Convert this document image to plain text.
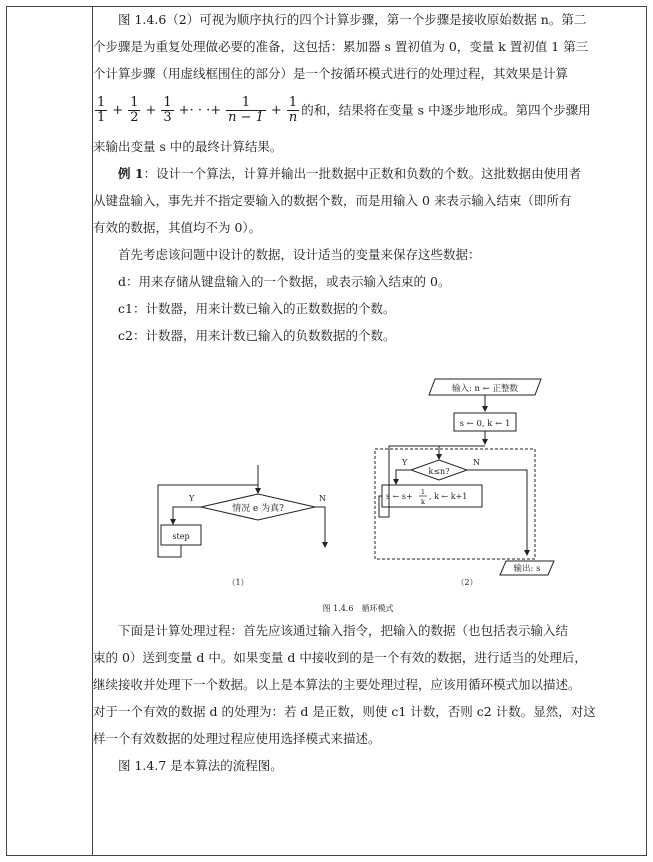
图 1.4.6（2）可视为顺序执行的四个计算步骤，第一个步骤是接收原始数据 n。第二

个步骤是为重复处理做必要的准备，这包括：累加器 s 置初值为 0，变量 k 置初值 1 第三

个计算步骤（用虚线框围住的部分）是一个按循环模式进行的处理过程，其效果是计算

$\frac{1}{1} + \frac{1}{2} + \frac{1}{3}$ +· · ·+ $\frac{1}{n - 1} + \frac{1}{n}$ 的和，结果将在变量 s 中逐步地形成。第四个步骤用

来输出变量 s 中的最终计算结果。

例 1：设计一个算法，计算并输出一批数据中正数和负数的个数。这批数据由使用者

从键盘输入，事先并不指定要输入的数据个数，而是用输入 0 来表示输入结束（即所有

有效的数据，其值均不为 0）。

首先考虑该问题中设计的数据，设计适当的变量来保存这些数据：

d：用来存储从键盘输入的一个数据，或表示输入结束的 0。

c1：计数器，用来计数已输入的正数数据的个数。

c2：计数器，用来计数已输入的负数数据的个数。

情况 e 为真?
Y	N
step
（1）
输入: n ← 正整数
s ← 0, k ← 1
k≤n?
Y	N
s ← s+ 1
k
, k ← k+1
输出: s
（2）
图 1.4.6　循环模式

下面是计算处理过程：首先应该通过输入指令，把输入的数据（也包括表示输入结

束的 0）送到变量 d 中。如果变量 d 中接收到的是一个有效的数据，进行适当的处理后，

继续接收并处理下一个数据。以上是本算法的主要处理过程，应该用循环模式加以描述。

对于一个有效的数据 d 的处理为：若 d 是正数，则使 c1 计数，否则 c2 计数。显然，对这

样一个有效数据的处理过程应使用选择模式来描述。

图 1.4.7 是本算法的流程图。
